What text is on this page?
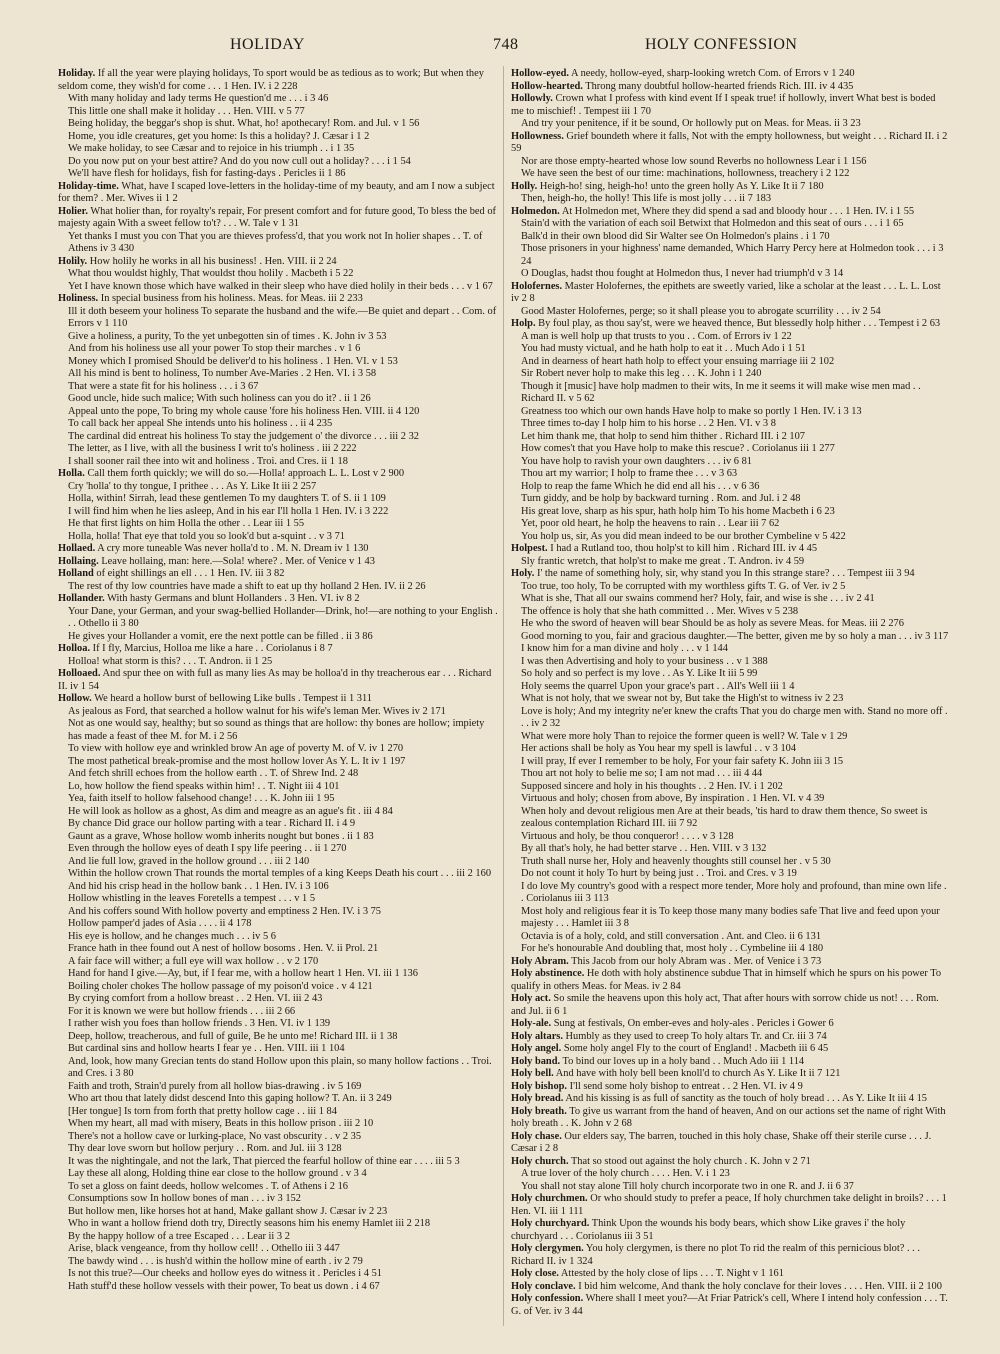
HOLIDAY	748	HOLY CONFESSION

Holiday. If all the year were playing holidays, To sport would be as tedious as to work; But when they seldom come, they wish'd for come . . . 1 Hen. IV. i 2 228

With many holiday and lady terms He question'd me . . . i 3 46

This little one shall make it holiday . . . Hen. VIII. v 5 77

Being holiday, the beggar's shop is shut. What, ho! apothecary! Rom. and Jul. v 1 56

Home, you idle creatures, get you home: Is this a holiday? J. Cæsar i 1 2

We make holiday, to see Cæsar and to rejoice in his triumph . . i 1 35

Do you now put on your best attire? And do you now cull out a holiday? . . . i 1 54

We'll have flesh for holidays, fish for fasting-days . Pericles ii 1 86

Holiday-time. What, have I scaped love-letters in the holiday-time of my beauty, and am I now a subject for them? . Mer. Wives ii 1 2

Holier. What holier than, for royalty's repair, For present comfort and for future good, To bless the bed of majesty again With a sweet fellow to't? . . . W. Tale v 1 31

Yet thanks I must you con That you are thieves profess'd, that you work not In holier shapes . . T. of Athens iv 3 430

Holily. How holily he works in all his business! . Hen. VIII. ii 2 24

What thou wouldst highly, That wouldst thou holily . Macbeth i 5 22

Yet I have known those which have walked in their sleep who have died holily in their beds . . . v 1 67

Holiness. In special business from his holiness. Meas. for Meas. iii 2 233

Ill it doth beseem your holiness To separate the husband and the wife.—Be quiet and depart . . Com. of Errors v 1 110

Give a holiness, a purity, To the yet unbegotten sin of times . K. John iv 3 53

And from his holiness use all your power To stop their marches . v 1 6

Money which I promised Should be deliver'd to his holiness . 1 Hen. VI. v 1 53

All his mind is bent to holiness, To number Ave-Maries . 2 Hen. VI. i 3 58

That were a state fit for his holiness . . . i 3 67

Good uncle, hide such malice; With such holiness can you do it? . ii 1 26

Appeal unto the pope, To bring my whole cause 'fore his holiness Hen. VIII. ii 4 120

To call back her appeal She intends unto his holiness . . ii 4 235

The cardinal did entreat his holiness To stay the judgement o' the divorce . . . iii 2 32

The letter, as I live, with all the business I writ to's holiness . iii 2 222

I shall sooner rail thee into wit and holiness . Troi. and Cres. ii 1 18

Holla. Call them forth quickly; we will do so.—Holla! approach L. L. Lost v 2 900

Cry 'holla' to thy tongue, I prithee . . . As Y. Like It iii 2 257

Holla, within! Sirrah, lead these gentlemen To my daughters T. of S. ii 1 109

I will find him when he lies asleep, And in his ear I'll holla 1 Hen. IV. i 3 222

He that first lights on him Holla the other . . Lear iii 1 55

Holla, holla! That eye that told you so look'd but a-squint . . v 3 71

Hollaed. A cry more tuneable Was never holla'd to . M. N. Dream iv 1 130

Hollaing. Leave hollaing, man: here.—Sola! where? . Mer. of Venice v 1 43

Holland of eight shillings an ell . . . 1 Hen. IV. iii 3 82

The rest of thy low countries have made a shift to eat up thy holland 2 Hen. IV. ii 2 26

Hollander. With hasty Germans and blunt Hollanders . 3 Hen. VI. iv 8 2

Your Dane, your German, and your swag-bellied Hollander—Drink, ho!—are nothing to your English . . . Othello ii 3 80

He gives your Hollander a vomit, ere the next pottle can be filled . ii 3 86

Holloa. If I fly, Marcius, Holloa me like a hare . . Coriolanus i 8 7

Holloa! what storm is this? . . . T. Andron. ii 1 25

Holloaed. And spur thee on with full as many lies As may be holloa'd in thy treacherous ear . . . Richard II. iv 1 54

Hollow. We heard a hollow burst of bellowing Like bulls . Tempest ii 1 311

As jealous as Ford, that searched a hollow walnut for his wife's leman Mer. Wives iv 2 171

Not as one would say, healthy; but so sound as things that are hollow: thy bones are hollow; impiety has made a feast of thee M. for M. i 2 56

To view with hollow eye and wrinkled brow An age of poverty M. of V. iv 1 270

The most pathetical break-promise and the most hollow lover As Y. L. It iv 1 197

And fetch shrill echoes from the hollow earth . . T. of Shrew Ind. 2 48

Lo, how hollow the fiend speaks within him! . . T. Night iii 4 101

Yea, faith itself to hollow falsehood change! . . . K. John iii 1 95

He will look as hollow as a ghost, As dim and meagre as an ague's fit . iii 4 84

By chance Did grace our hollow parting with a tear . Richard II. i 4 9

Gaunt as a grave, Whose hollow womb inherits nought but bones . ii 1 83

Even through the hollow eyes of death I spy life peering . . ii 1 270

And lie full low, graved in the hollow ground . . . iii 2 140

Within the hollow crown That rounds the mortal temples of a king Keeps Death his court . . . iii 2 160

And hid his crisp head in the hollow bank . . 1 Hen. IV. i 3 106

Hollow whistling in the leaves Foretells a tempest . . . v 1 5

And his coffers sound With hollow poverty and emptiness 2 Hen. IV. i 3 75

Hollow pamper'd jades of Asia . . . . ii 4 178

His eye is hollow, and he changes much . . . iv 5 6

France hath in thee found out A nest of hollow bosoms . Hen. V. ii Prol. 21

A fair face will wither; a full eye will wax hollow . . v 2 170

Hand for hand I give.—Ay, but, if I fear me, with a hollow heart 1 Hen. VI. iii 1 136

Boiling choler chokes The hollow passage of my poison'd voice . v 4 121

By crying comfort from a hollow breast . . 2 Hen. VI. iii 2 43

For it is known we were but hollow friends . . . iii 2 66

I rather wish you foes than hollow friends . 3 Hen. VI. iv 1 139

Deep, hollow, treacherous, and full of guile, Be he unto me! Richard III. ii 1 38

But cardinal sins and hollow hearts I fear ye . . Hen. VIII. iii 1 104

And, look, how many Grecian tents do stand Hollow upon this plain, so many hollow factions . . Troi. and Cres. i 3 80

Faith and troth, Strain'd purely from all hollow bias-drawing . iv 5 169

Who art thou that lately didst descend Into this gaping hollow? T. An. ii 3 249

[Her tongue] Is torn from forth that pretty hollow cage . . iii 1 84

When my heart, all mad with misery, Beats in this hollow prison . iii 2 10

There's not a hollow cave or lurking-place, No vast obscurity . . v 2 35

Thy dear love sworn but hollow perjury . . Rom. and Jul. iii 3 128

It was the nightingale, and not the lark, That pierced the fearful hollow of thine ear . . . . iii 5 3

Lay these all along, Holding thine ear close to the hollow ground . v 3 4

To set a gloss on faint deeds, hollow welcomes . T. of Athens i 2 16

Consumptions sow In hollow bones of man . . . iv 3 152

But hollow men, like horses hot at hand, Make gallant show J. Cæsar iv 2 23

Who in want a hollow friend doth try, Directly seasons him his enemy Hamlet iii 2 218

By the happy hollow of a tree Escaped . . . Lear ii 3 2

Arise, black vengeance, from thy hollow cell! . . Othello iii 3 447

The bawdy wind . . . is hush'd within the hollow mine of earth . iv 2 79

Is not this true?—Our cheeks and hollow eyes do witness it . Pericles i 4 51

Hath stuff'd these hollow vessels with their power, To beat us down . i 4 67

Hollow-eyed. A needy, hollow-eyed, sharp-looking wretch Com. of Errors v 1 240

Hollow-hearted. Throng many doubtful hollow-hearted friends Rich. III. iv 4 435

Hollowly. Crown what I profess with kind event If I speak true! if hollowly, invert What best is boded me to mischief! . Tempest iii 1 70

And try your penitence, if it be sound, Or hollowly put on Meas. for Meas. ii 3 23

Hollowness. Grief boundeth where it falls, Not with the empty hollowness, but weight . . . Richard II. i 2 59

Nor are those empty-hearted whose low sound Reverbs no hollowness Lear i 1 156

We have seen the best of our time: machinations, hollowness, treachery i 2 122

Holly. Heigh-ho! sing, heigh-ho! unto the green holly As Y. Like It ii 7 180

Then, heigh-ho, the holly! This life is most jolly . . . ii 7 183

Holmedon. At Holmedon met, Where they did spend a sad and bloody hour . . . 1 Hen. IV. i 1 55

Stain'd with the variation of each soil Betwixt that Holmedon and this seat of ours . . . i 1 65

Balk'd in their own blood did Sir Walter see On Holmedon's plains . i 1 70

Those prisoners in your highness' name demanded, Which Harry Percy here at Holmedon took . . . i 3 24

O Douglas, hadst thou fought at Holmedon thus, I never had triumph'd v 3 14

Holofernes. Master Holofernes, the epithets are sweetly varied, like a scholar at the least . . . L. L. Lost iv 2 8

Good Master Holofernes, perge; so it shall please you to abrogate scurrility . . . iv 2 54

Holp. By foul play, as thou say'st, were we heaved thence, But blessedly holp hither . . . Tempest i 2 63

A man is well holp up that trusts to you . . Com. of Errors iv 1 22

You had musty victual, and he hath holp to eat it . . Much Ado i 1 51

And in dearness of heart hath holp to effect your ensuing marriage iii 2 102

Sir Robert never holp to make this leg . . . K. John i 1 240

Though it [music] have holp madmen to their wits, In me it seems it will make wise men mad . . Richard II. v 5 62

Greatness too which our own hands Have holp to make so portly 1 Hen. IV. i 3 13

Three times to-day I holp him to his horse . . 2 Hen. VI. v 3 8

Let him thank me, that holp to send him thither . Richard III. i 2 107

How comes't that you Have holp to make this rescue? . Coriolanus iii 1 277

You have holp to ravish your own daughters . . . iv 6 81

Thou art my warrior; I holp to frame thee . . . v 3 63

Holp to reap the fame Which he did end all his . . . v 6 36

Turn giddy, and be holp by backward turning . Rom. and Jul. i 2 48

His great love, sharp as his spur, hath holp him To his home Macbeth i 6 23

Yet, poor old heart, he holp the heavens to rain . . Lear iii 7 62

You holp us, sir, As you did mean indeed to be our brother Cymbeline v 5 422

Holpest. I had a Rutland too, thou holp'st to kill him . Richard III. iv 4 45

Sly frantic wretch, that holp'st to make me great . T. Andron. iv 4 59

Holy. I' the name of something holy, sir, why stand you In this strange stare? . . . Tempest iii 3 94

Too true, too holy, To be corrupted with my worthless gifts T. G. of Ver. iv 2 5

What is she, That all our swains commend her? Holy, fair, and wise is she . . . iv 2 41

The offence is holy that she hath committed . . Mer. Wives v 5 238

He who the sword of heaven will bear Should be as holy as severe Meas. for Meas. iii 2 276

Good morning to you, fair and gracious daughter.—The better, given me by so holy a man . . . iv 3 117

I know him for a man divine and holy . . . v 1 144

I was then Advertising and holy to your business . . v 1 388

So holy and so perfect is my love . . As Y. Like It iii 5 99

Holy seems the quarrel Upon your grace's part . . All's Well iii 1 4

What is not holy, that we swear not by, But take the High'st to witness iv 2 23

Love is holy; And my integrity ne'er knew the crafts That you do charge men with. Stand no more off . . . iv 2 32

What were more holy Than to rejoice the former queen is well? W. Tale v 1 29

Her actions shall be holy as You hear my spell is lawful . . v 3 104

I will pray, If ever I remember to be holy, For your fair safety K. John iii 3 15

Thou art not holy to belie me so; I am not mad . . . iii 4 44

Supposed sincere and holy in his thoughts . . 2 Hen. IV. i 1 202

Virtuous and holy; chosen from above, By inspiration . 1 Hen. VI. v 4 39

When holy and devout religious men Are at their beads, 'tis hard to draw them thence, So sweet is zealous contemplation Richard III. iii 7 92

Virtuous and holy, be thou conqueror! . . . . v 3 128

By all that's holy, he had better starve . . Hen. VIII. v 3 132

Truth shall nurse her, Holy and heavenly thoughts still counsel her . v 5 30

Do not count it holy To hurt by being just . . Troi. and Cres. v 3 19

I do love My country's good with a respect more tender, More holy and profound, than mine own life . . Coriolanus iii 3 113

Most holy and religious fear it is To keep those many many bodies safe That live and feed upon your majesty . . . Hamlet iii 3 8

Octavia is of a holy, cold, and still conversation . Ant. and Cleo. ii 6 131

For he's honourable And doubling that, most holy . . Cymbeline iii 4 180

Holy Abram. This Jacob from our holy Abram was . Mer. of Venice i 3 73

Holy abstinence. He doth with holy abstinence subdue That in himself which he spurs on his power To qualify in others Meas. for Meas. iv 2 84

Holy act. So smile the heavens upon this holy act, That after hours with sorrow chide us not! . . . Rom. and Jul. ii 6 1

Holy-ale. Sung at festivals, On ember-eves and holy-ales . Pericles i Gower 6

Holy altars. Humbly as they used to creep To holy altars Tr. and Cr. iii 3 74

Holy angel. Some holy angel Fly to the court of England! . Macbeth iii 6 45

Holy band. To bind our loves up in a holy band . . Much Ado iii 1 114

Holy bell. And have with holy bell been knoll'd to church As Y. Like It ii 7 121

Holy bishop. I'll send some holy bishop to entreat . . 2 Hen. VI. iv 4 9

Holy bread. And his kissing is as full of sanctity as the touch of holy bread . . . As Y. Like It iii 4 15

Holy breath. To give us warrant from the hand of heaven, And on our actions set the name of right With holy breath . . K. John v 2 68

Holy chase. Our elders say, The barren, touched in this holy chase, Shake off their sterile curse . . . J. Cæsar i 2 8

Holy church. That so stood out against the holy church . K. John v 2 71

A true lover of the holy church . . . . Hen. V. i 1 23

You shall not stay alone Till holy church incorporate two in one R. and J. ii 6 37

Holy churchmen. Or who should study to prefer a peace, If holy churchmen take delight in broils? . . . 1 Hen. VI. iii 1 111

Holy churchyard. Think Upon the wounds his body bears, which show Like graves i' the holy churchyard . . . Coriolanus iii 3 51

Holy clergymen. You holy clergymen, is there no plot To rid the realm of this pernicious blot? . . . Richard II. iv 1 324

Holy close. Attested by the holy close of lips . . . T. Night v 1 161

Holy conclave. I bid him welcome, And thank the holy conclave for their loves . . . . Hen. VIII. ii 2 100

Holy confession. Where shall I meet you?—At Friar Patrick's cell, Where I intend holy confession . . . T. G. of Ver. iv 3 44
